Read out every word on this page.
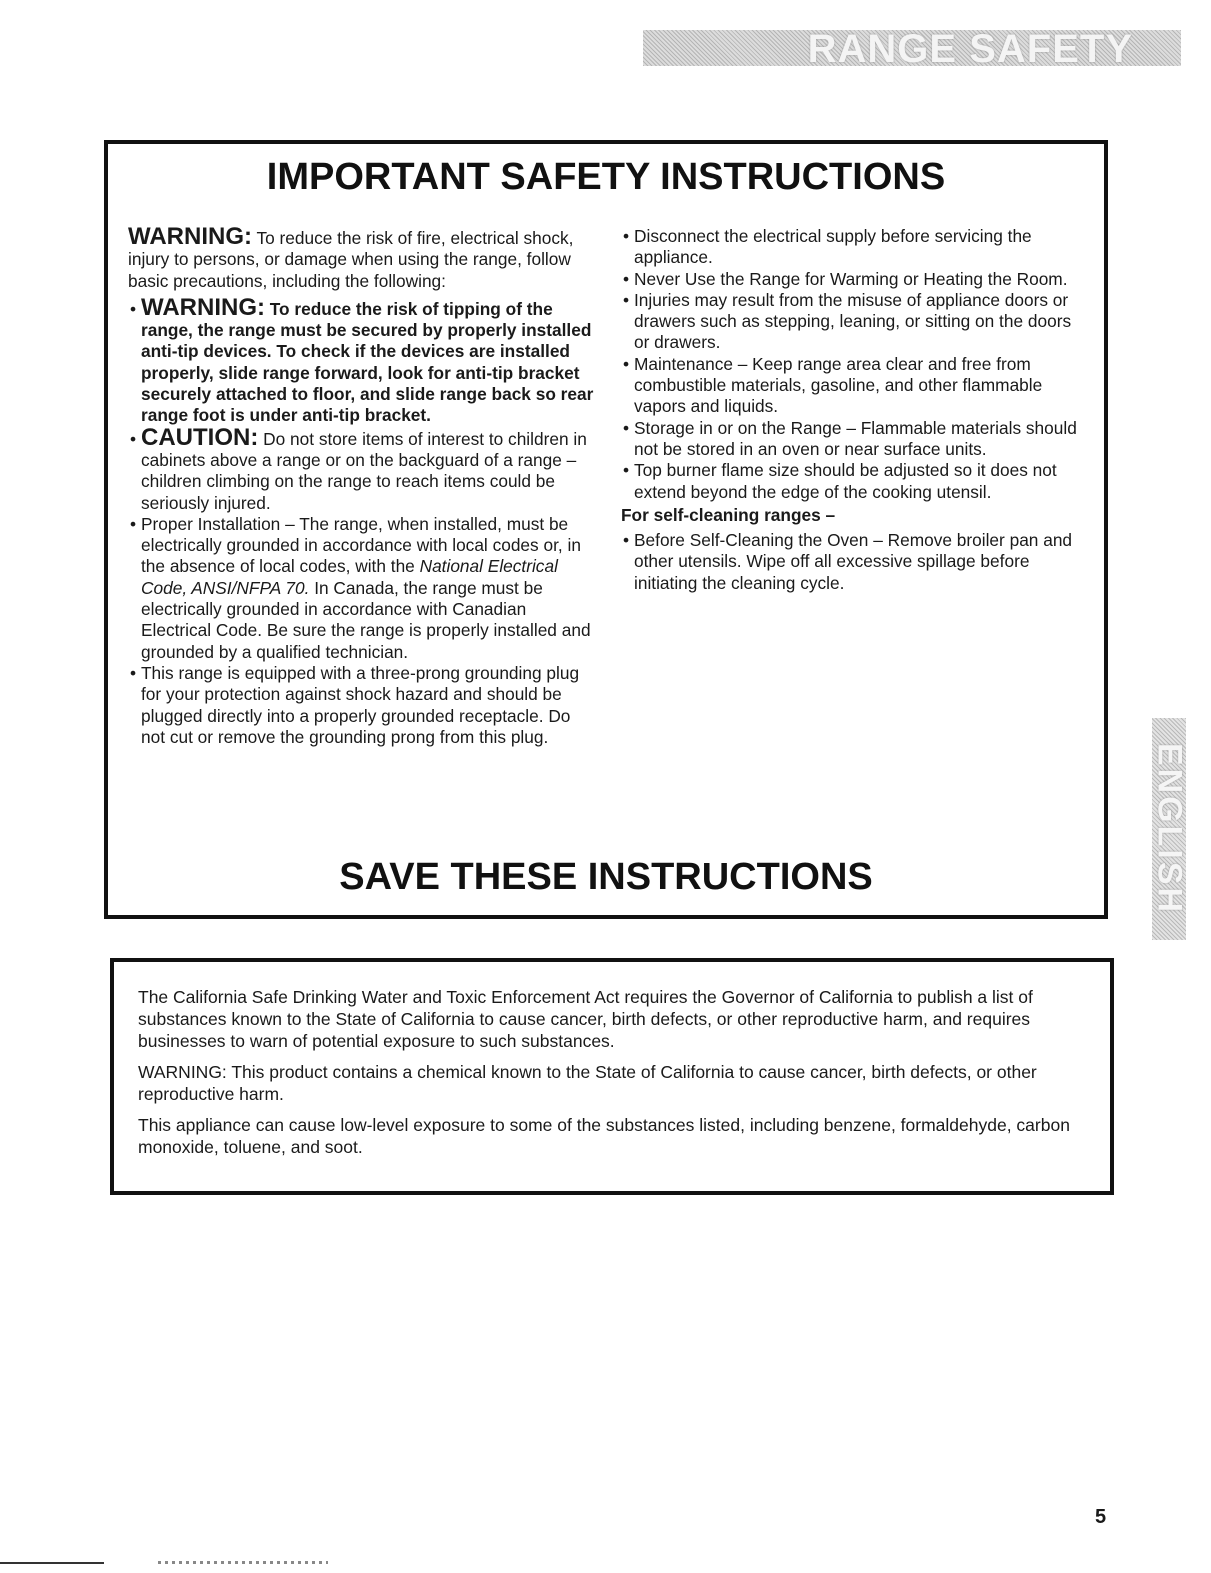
RANGE SAFETY
ENGLISH
IMPORTANT SAFETY INSTRUCTIONS

WARNING: To reduce the risk of fire, electrical shock, injury to persons, or damage when using the range, follow basic precautions, including the following:

• WARNING: To reduce the risk of tipping of the range, the range must be secured by properly installed anti-tip devices. To check if the devices are installed properly, slide range forward, look for anti-tip bracket securely attached to floor, and slide range back so rear range foot is under anti-tip bracket.

• CAUTION: Do not store items of interest to children in cabinets above a range or on the backguard of a range – children climbing on the range to reach items could be seriously injured.

• Proper Installation – The range, when installed, must be electrically grounded in accordance with local codes or, in the absence of local codes, with the National Electrical Code, ANSI/NFPA 70. In Canada, the range must be electrically grounded in accordance with Canadian Electrical Code. Be sure the range is properly installed and grounded by a qualified technician.

• This range is equipped with a three-prong grounding plug for your protection against shock hazard and should be plugged directly into a properly grounded receptacle. Do not cut or remove the grounding prong from this plug.

• Disconnect the electrical supply before servicing the appliance.

• Never Use the Range for Warming or Heating the Room.

• Injuries may result from the misuse of appliance doors or drawers such as stepping, leaning, or sitting on the doors or drawers.

• Maintenance – Keep range area clear and free from combustible materials, gasoline, and other flammable vapors and liquids.

• Storage in or on the Range – Flammable materials should not be stored in an oven or near surface units.

• Top burner flame size should be adjusted so it does not extend beyond the edge of the cooking utensil.

For self-cleaning ranges –

• Before Self-Cleaning the Oven – Remove broiler pan and other utensils. Wipe off all excessive spillage before initiating the cleaning cycle.

SAVE THESE INSTRUCTIONS

The California Safe Drinking Water and Toxic Enforcement Act requires the Governor of California to publish a list of substances known to the State of California to cause cancer, birth defects, or other reproductive harm, and requires businesses to warn of potential exposure to such substances.

WARNING: This product contains a chemical known to the State of California to cause cancer, birth defects, or other reproductive harm.

This appliance can cause low-level exposure to some of the substances listed, including benzene, formaldehyde, carbon monoxide, toluene, and soot.

5
